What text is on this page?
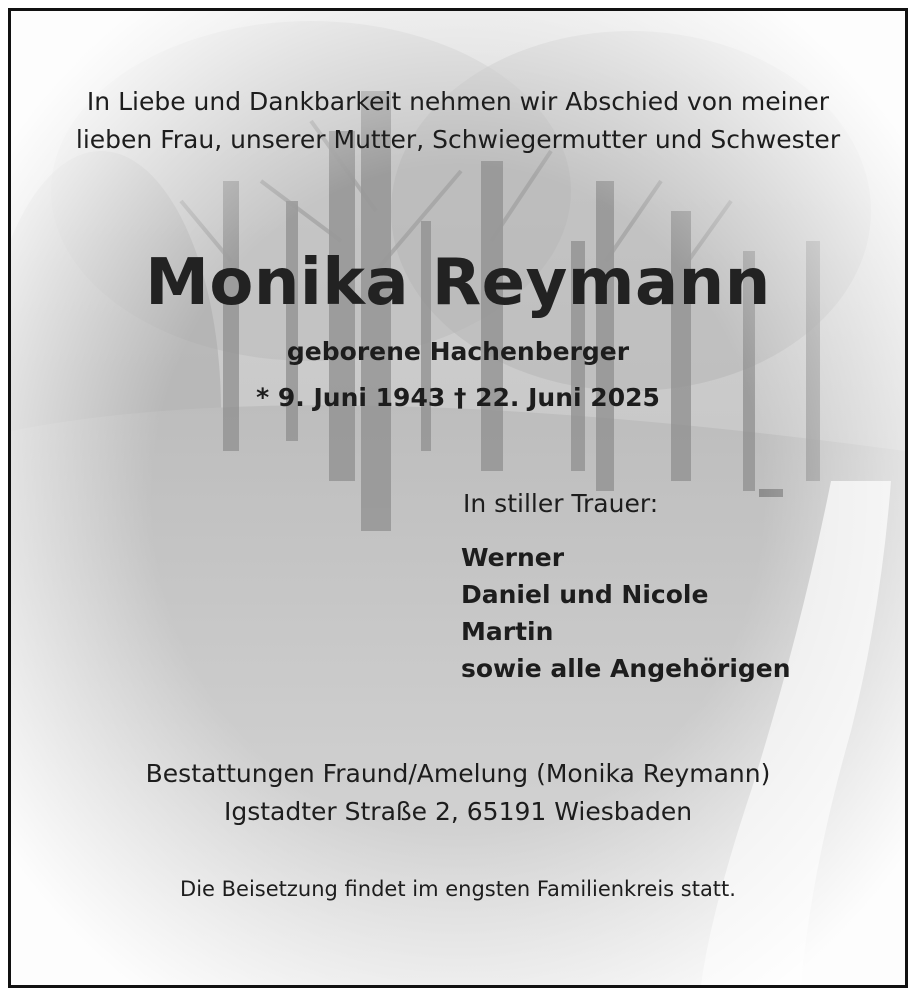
In Liebe und Dankbarkeit nehmen wir Abschied von meiner
lieben Frau, unserer Mutter, Schwiegermutter und Schwester
Monika Reymann
geborene Hachenberger
* 9. Juni 1943 † 22. Juni 2025
In stiller Trauer:
Werner
Daniel und Nicole
Martin
sowie alle Angehörigen
Bestattungen Fraund/Amelung (Monika Reymann)
Igstadter Straße 2, 65191 Wiesbaden
Die Beisetzung findet im engsten Familienkreis statt.
